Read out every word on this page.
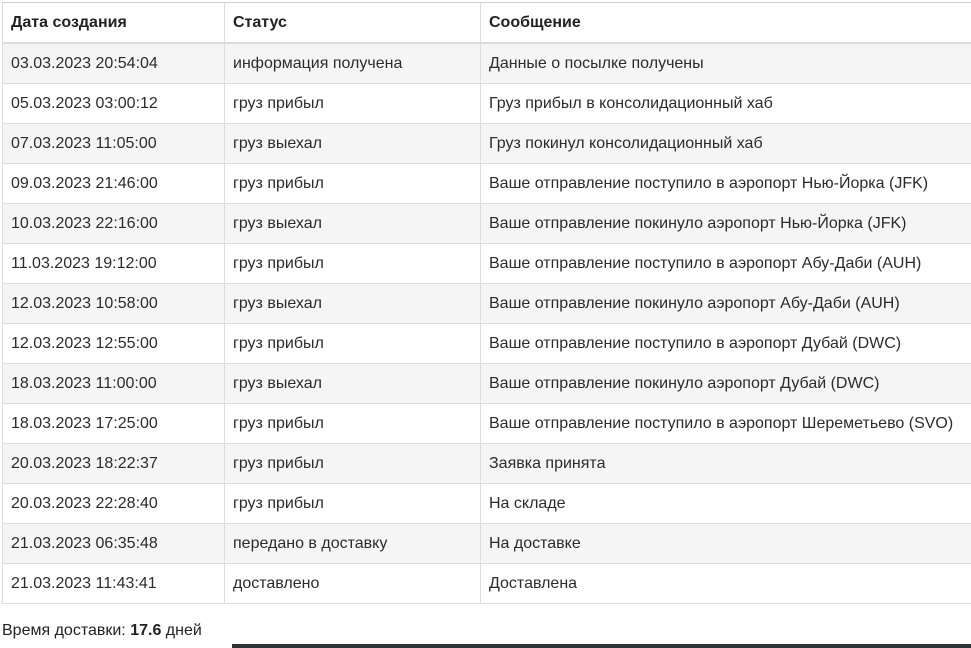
Дата создания	Статус	Сообщение
03.03.2023 20:54:04	информация получена	Данные о посылке получены
05.03.2023 03:00:12	груз прибыл	Груз прибыл в консолидационный хаб
07.03.2023 11:05:00	груз выехал	Груз покинул консолидационный хаб
09.03.2023 21:46:00	груз прибыл	Ваше отправление поступило в аэропорт Нью-Йорка (JFK)
10.03.2023 22:16:00	груз выехал	Ваше отправление покинуло аэропорт Нью-Йорка (JFK)
11.03.2023 19:12:00	груз прибыл	Ваше отправление поступило в аэропорт Абу-Даби (AUH)
12.03.2023 10:58:00	груз выехал	Ваше отправление покинуло аэропорт Абу-Даби (AUH)
12.03.2023 12:55:00	груз прибыл	Ваше отправление поступило в аэропорт Дубай (DWC)
18.03.2023 11:00:00	груз выехал	Ваше отправление покинуло аэропорт Дубай (DWC)
18.03.2023 17:25:00	груз прибыл	Ваше отправление поступило в аэропорт Шереметьево (SVO)
20.03.2023 18:22:37	груз прибыл	Заявка принята
20.03.2023 22:28:40	груз прибыл	На складе
21.03.2023 06:35:48	передано в доставку	На доставке
21.03.2023 11:43:41	доставлено	Доставлена
Время доставки: 17.6 дней
